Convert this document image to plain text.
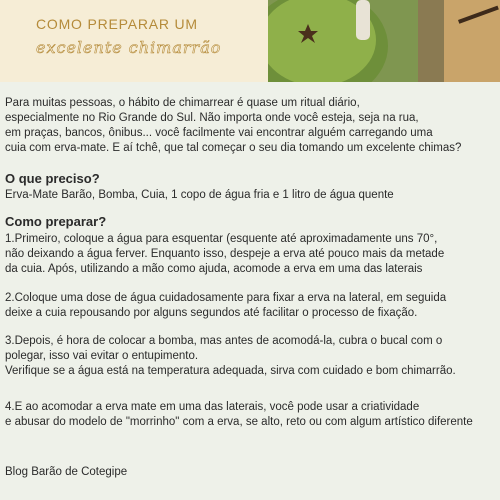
COMO PREPARAR UM
excelente chimarrão

Para muitas pessoas, o hábito de chimarrear é quase um ritual diário,
especialmente no Rio Grande do Sul. Não importa onde você esteja, seja na rua,
em praças, bancos, ônibus... você facilmente vai encontrar alguém carregando uma
cuia com erva-mate. E aí tchê, que tal começar o seu dia tomando um excelente chimas?

O que preciso?

Erva-Mate Barão, Bomba, Cuia, 1 copo de água fria e 1 litro de água quente

Como preparar?

1.Primeiro, coloque a água para esquentar (esquente até aproximadamente uns 70°,
não deixando a água ferver. Enquanto isso, despeje a erva até pouco mais da metade
da cuia. Após, utilizando a mão como ajuda, acomode a erva em uma das laterais

2.Coloque uma dose de água cuidadosamente para fixar a erva na lateral, em seguida
deixe a cuia repousando por alguns segundos até facilitar o processo de fixação.

3.Depois, é hora de colocar a bomba, mas antes de acomodá-la, cubra o bucal com o
polegar, isso vai evitar o entupimento.
Verifique se a água está na temperatura adequada, sirva com cuidado e bom chimarrão.

4.E ao acomodar a erva mate em uma das laterais, você pode usar a criatividade
e abusar do modelo de "morrinho" com a erva, se alto, reto ou com algum artístico diferente

Blog Barão de Cotegipe
